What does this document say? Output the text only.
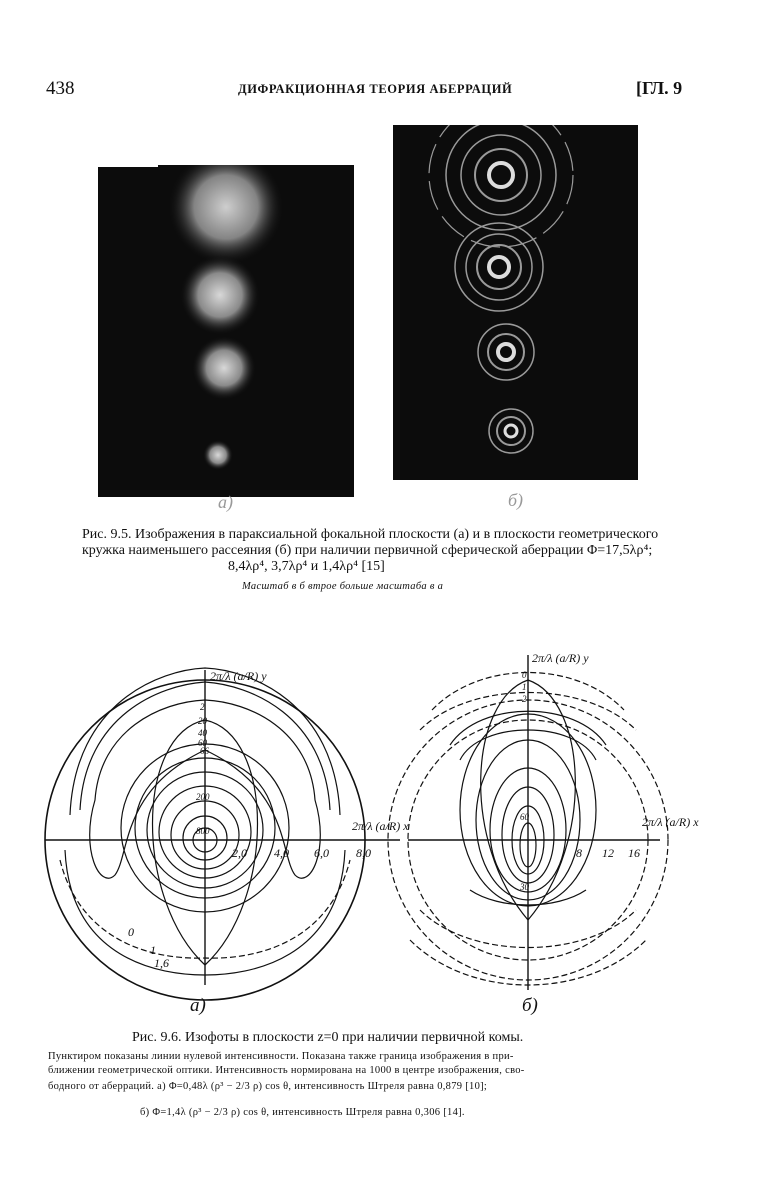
438	ДИФРАКЦИОННАЯ ТЕОРИЯ АБЕРРАЦИЙ	[ГЛ. 9
а)	б)
Рис. 9.5. Изображения в параксиальной фокальной плоскости (а) и в плоскости геометрического
кружка наименьшего рассеяния (б) при наличии первичной сферической аберрации Φ=17,5λρ⁴;
8,4λρ⁴, 3,7λρ⁴ и 1,4λρ⁴ [15]
Масштаб в б втрое больше масштаба в а
2π/λ (a/R) y
2π/λ (a/R) x
2,0 4,0 6,0 8,0
2
20
40
60
66
200
800
0
1
1,6
2π/λ (a/R) y
2π/λ (a/R) x
8 12 16
0
1
2
60
30
а)	б)
Рис. 9.6. Изофоты в плоскости z=0 при наличии первичной комы.
Пунктиром показаны линии нулевой интенсивности. Показана также граница изображения в при-
ближении геометрической оптики. Интенсивность нормирована на 1000 в центре изображения, сво-
бодного от аберраций. а) Φ=0,48λ (ρ³ − 2/3 ρ) cos θ, интенсивность Штреля равна 0,879 [10];
б) Φ=1,4λ (ρ³ − 2/3 ρ) cos θ, интенсивность Штреля равна 0,306 [14].
